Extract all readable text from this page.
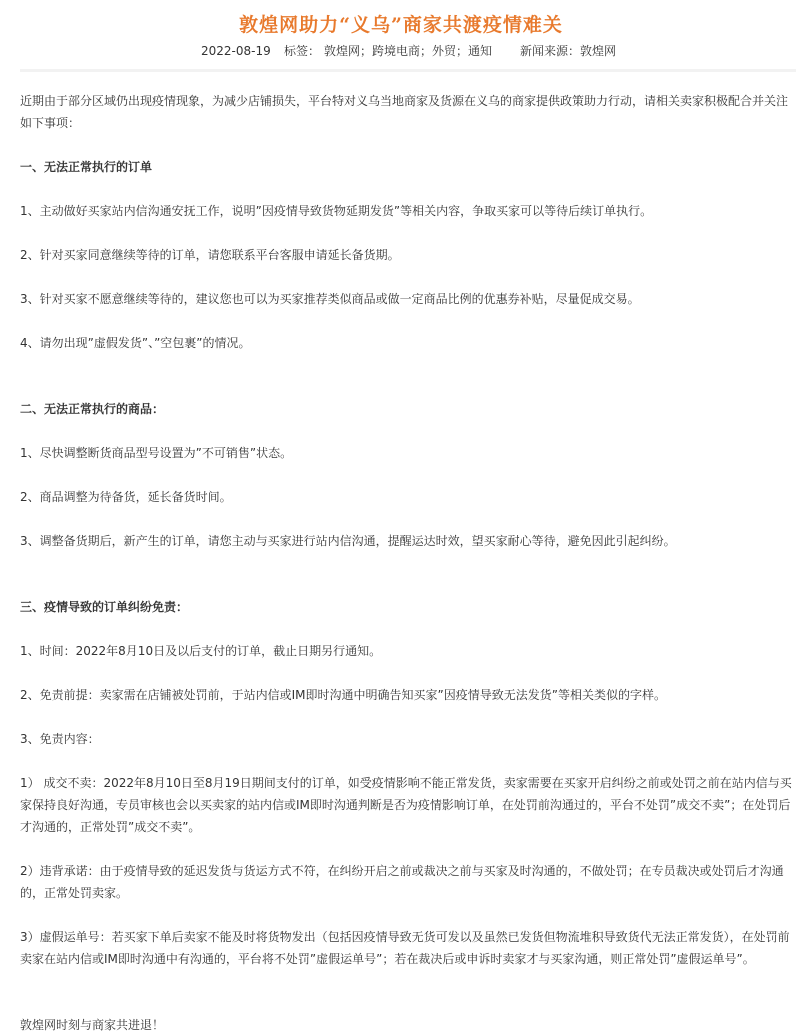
敦煌网助力“义乌”商家共渡疫情难关
2022-08-19 标签： 敦煌网；跨境电商；外贸；通知 新闻来源： 敦煌网

近期由于部分区域仍出现疫情现象，为减少店铺损失，平台特对义乌当地商家及货源在义乌的商家提供政策助力行动，请相关卖家积极配合并关注如下事项：

一、无法正常执行的订单

1、主动做好买家站内信沟通安抚工作，说明”因疫情导致货物延期发货”等相关内容，争取买家可以等待后续订单执行。

2、针对买家同意继续等待的订单，请您联系平台客服申请延长备货期。

3、针对买家不愿意继续等待的，建议您也可以为买家推荐类似商品或做一定商品比例的优惠券补贴，尽量促成交易。

4、请勿出现”虚假发货”、”空包裹”的情况。

二、无法正常执行的商品：

1、尽快调整断货商品型号设置为”不可销售”状态。

2、商品调整为待备货，延长备货时间。

3、调整备货期后，新产生的订单，请您主动与买家进行站内信沟通，提醒运达时效，望买家耐心等待，避免因此引起纠纷。

三、疫情导致的订单纠纷免责：

1、时间：2022年8月10日及以后支付的订单，截止日期另行通知。

2、免责前提：卖家需在店铺被处罚前，于站内信或IM即时沟通中明确告知买家”因疫情导致无法发货”等相关类似的字样。

3、免责内容：

1） 成交不卖：2022年8月10日至8月19日期间支付的订单，如受疫情影响不能正常发货，卖家需要在买家开启纠纷之前或处罚之前在站内信与买家保持良好沟通，专员审核也会以买卖家的站内信或IM即时沟通判断是否为疫情影响订单，在处罚前沟通过的，平台不处罚”成交不卖”；在处罚后才沟通的，正常处罚”成交不卖”。

2）违背承诺：由于疫情导致的延迟发货与货运方式不符，在纠纷开启之前或裁决之前与买家及时沟通的，不做处罚；在专员裁决或处罚后才沟通的，正常处罚卖家。

3）虚假运单号：若买家下单后卖家不能及时将货物发出（包括因疫情导致无货可发以及虽然已发货但物流堆积导致货代无法正常发货），在处罚前卖家在站内信或IM即时沟通中有沟通的，平台将不处罚”虚假运单号”；若在裁决后或申诉时卖家才与买家沟通，则正常处罚”虚假运单号”。

敦煌网时刻与商家共进退！
